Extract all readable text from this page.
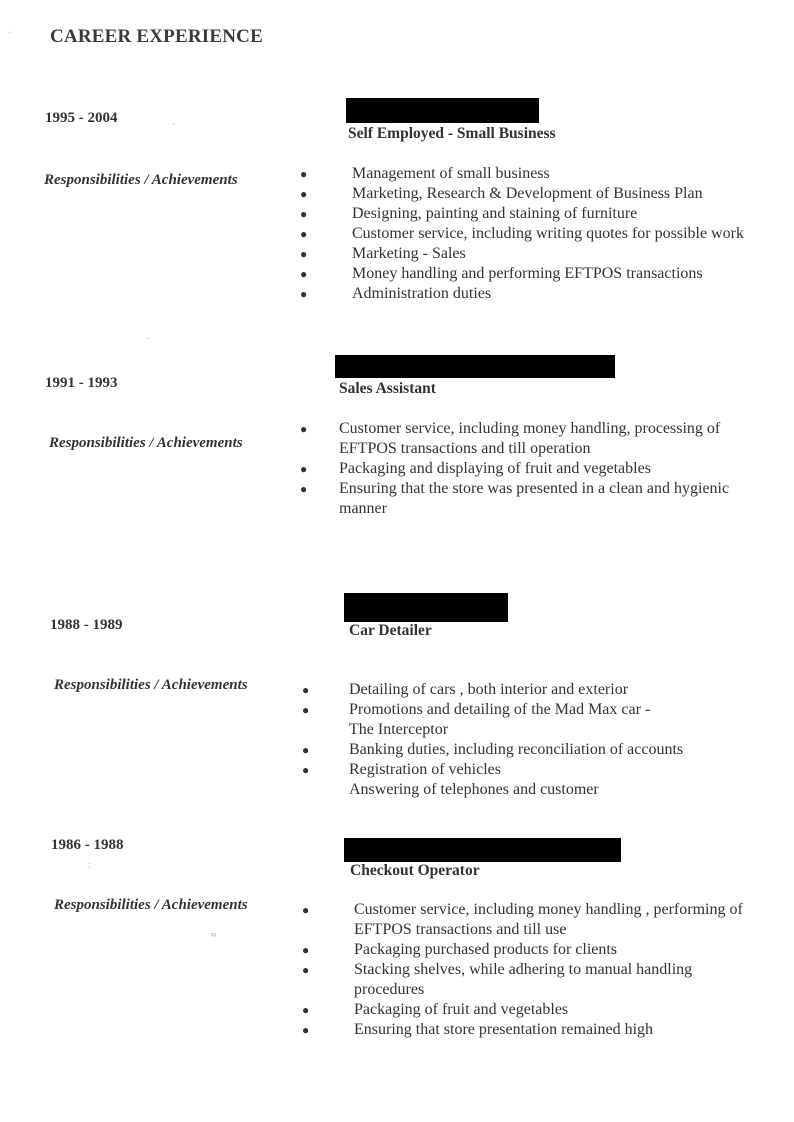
CAREER EXPERIENCE
1995 - 2004
Self Employed - Small Business
Responsibilities / Achievements	●	Management of small business
●	Marketing, Research & Development of Business Plan
●	Designing, painting and staining of furniture
●	Customer service, including writing quotes for possible work
●	Marketing - Sales
●	Money handling and performing EFTPOS transactions
●	Administration duties
1991 - 1993	Sales Assistant
Responsibilities / Achievements
● Customer service, including money handling, processing of EFTPOS transactions and till operation
● Packaging and displaying of fruit and vegetables
● Ensuring that the store was presented in a clean and hygienic manner
1988 - 1989	Car Detailer
Responsibilities / Achievements	● Detailing of cars , both interior and exterior
● Promotions and detailing of the Mad Max car -
The Interceptor
● Banking duties, including reconciliation of accounts
● Registration of vehicles
Answering of telephones and customer
1986 - 1988
Checkout Operator
Responsibilities / Achievements	●	Customer service, including money handling , performing of EFTPOS transactions and till use
●	Packaging purchased products for clients
●	Stacking shelves, while adhering to manual handling procedures
●	Packaging of fruit and vegetables
●	Ensuring that store presentation remained high
·
⁻
≈
:
·
